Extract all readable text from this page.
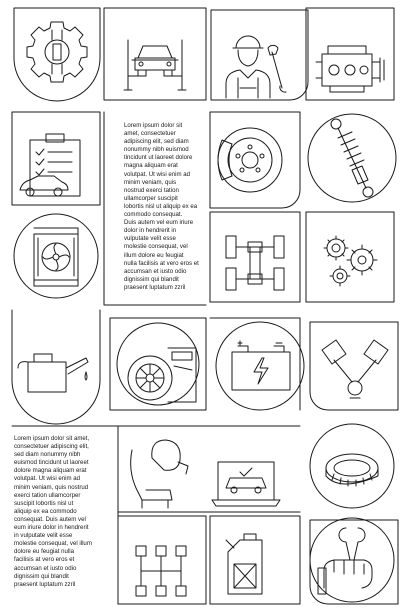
Lorem ipsum dolor sit
amet, consectetuer
adipiscing elit, sed diam
nonummy nibh euismod
tincidunt ut laoreet dolore
magna aliquam erat
volutpat. Ut wisi enim ad
minim veniam, quis
nostrud exerci tation
ullamcorper suscipit
lobortis nisl ut aliquip ex ea
commodo consequat.
Duis autem vel eum iriure
dolor in hendrerit in
vulputate velit esse
molestie consequat, vel
illum dolore eu feugiat
nulla facilisis at vero eros et
accumsan et iusto odio
dignissim qui blandit
praesent luptatum zzril

Lorem ipsum dolor sit amet,
consectetuer adipiscing elit,
sed diam nonummy nibh
euismod tincidunt ut laoreet
dolore magna aliquam erat
volutpat. Ut wisi enim ad
minim veniam, quis nostrud
exerci tation ullamcorper
suscipit lobortis nisl ut
aliquip ex ea commodo
consequat. Duis autem vel
eum iriure dolor in hendrerit
in vulputate velit esse
molestie consequat, vel illum
dolore eu feugiat nulla
facilisis at vero eros et
accumsan et iusto odio
dignissim qui blandit
praesent luptatum zzril
